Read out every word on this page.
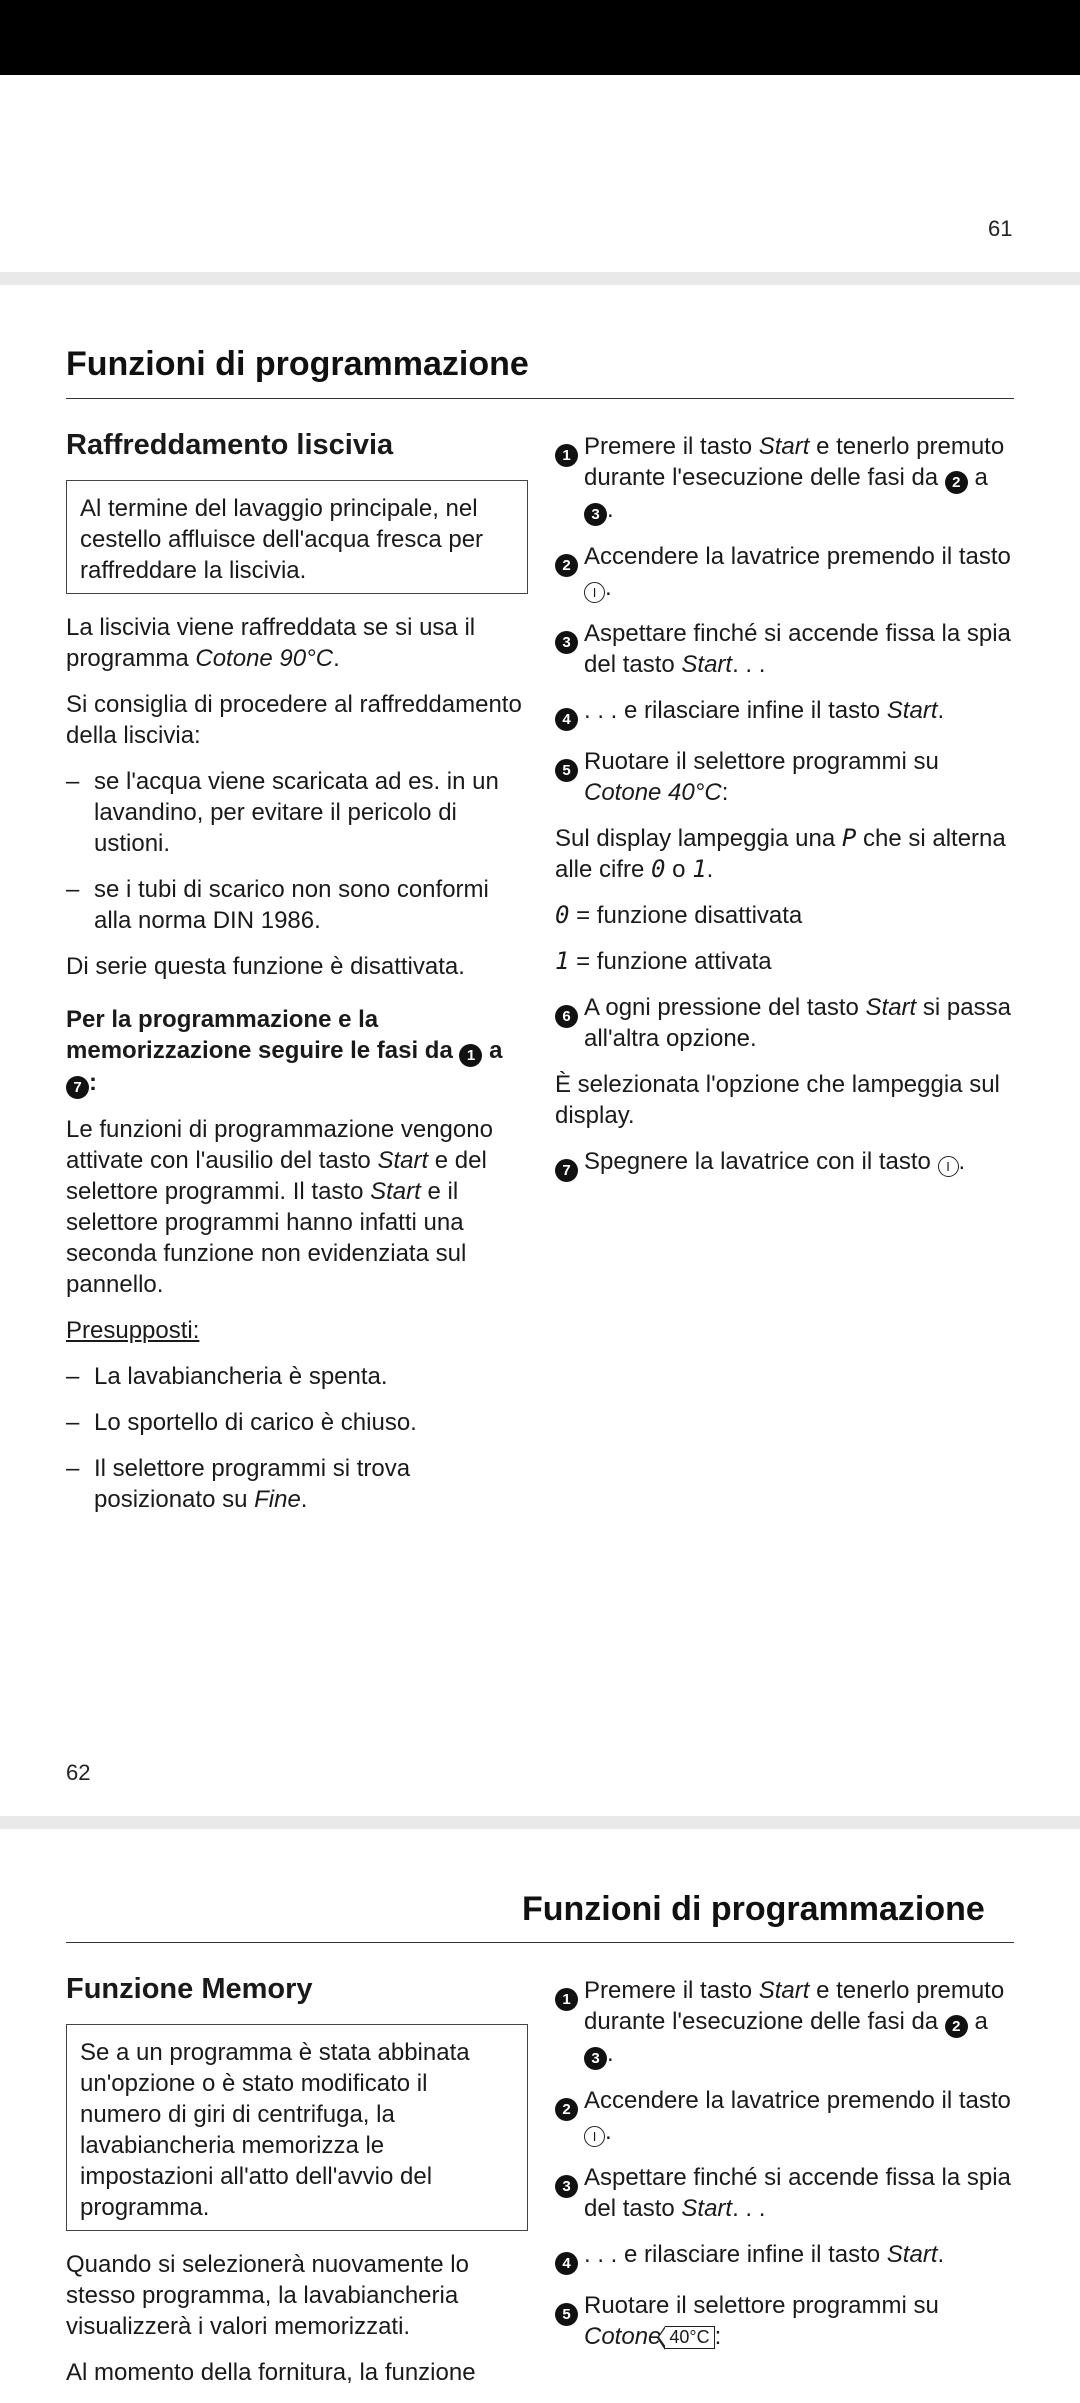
61
Funzioni di programmazione
Raffreddamento liscivia

Al termine del lavaggio principale, nel cestello affluisce dell'acqua fresca per raffreddare la liscivia.

La liscivia viene raffreddata se si usa il programma Cotone 90°C.

Si consiglia di procedere al raffreddamento della liscivia:

– se l'acqua viene scaricata ad es. in un lavandino, per evitare il pericolo di ustioni.
– se i tubi di scarico non sono conformi alla norma DIN 1986.

Di serie questa funzione è disattivata.

Per la programmazione e la memorizzazione seguire le fasi da 1 a 7 :

Le funzioni di programmazione vengono attivate con l'ausilio del tasto Start e del selettore programmi. Il tasto Start e il selettore programmi hanno infatti una seconda funzione non evidenziata sul pannello.

Presupposti:

– La lavabiancheria è spenta.
– Lo sportello di carico è chiuso.
– Il selettore programmi si trova posizionato su Fine.
1 Premere il tasto Start e tenerlo premuto durante l'esecuzione delle fasi da 2 a 3 .
2 Accendere la lavatrice premendo il tasto I .
3 Aspettare finché si accende fissa la spia del tasto Start. . .
4 . . . e rilasciare infine il tasto Start.
5 Ruotare il selettore programmi su Cotone 40°C:

Sul display lampeggia una P che si alterna alle cifre 0 o 1.

0 = funzione disattivata

1 = funzione attivata

6 A ogni pressione del tasto Start si passa all'altra opzione.

È selezionata l'opzione che lampeggia sul display.

7 Spegnere la lavatrice con il tasto I .
62
Funzioni di programmazione
Funzione Memory

Se a un programma è stata abbinata un'opzione o è stato modificato il numero di giri di centrifuga, la lavabiancheria memorizza le impostazioni all'atto dell'avvio del programma.

Quando si selezionerà nuovamente lo stesso programma, la lavabiancheria visualizzerà i valori memorizzati.

Al momento della fornitura, la funzione

1 Premere il tasto Start e tenerlo premuto durante l'esecuzione delle fasi da 2 a 3 .
2 Accendere la lavatrice premendo il tasto I .
3 Aspettare finché si accende fissa la spia del tasto Start. . .
4 . . . e rilasciare infine il tasto Start.
5 Ruotare il selettore programmi su Cotone 40°C :
